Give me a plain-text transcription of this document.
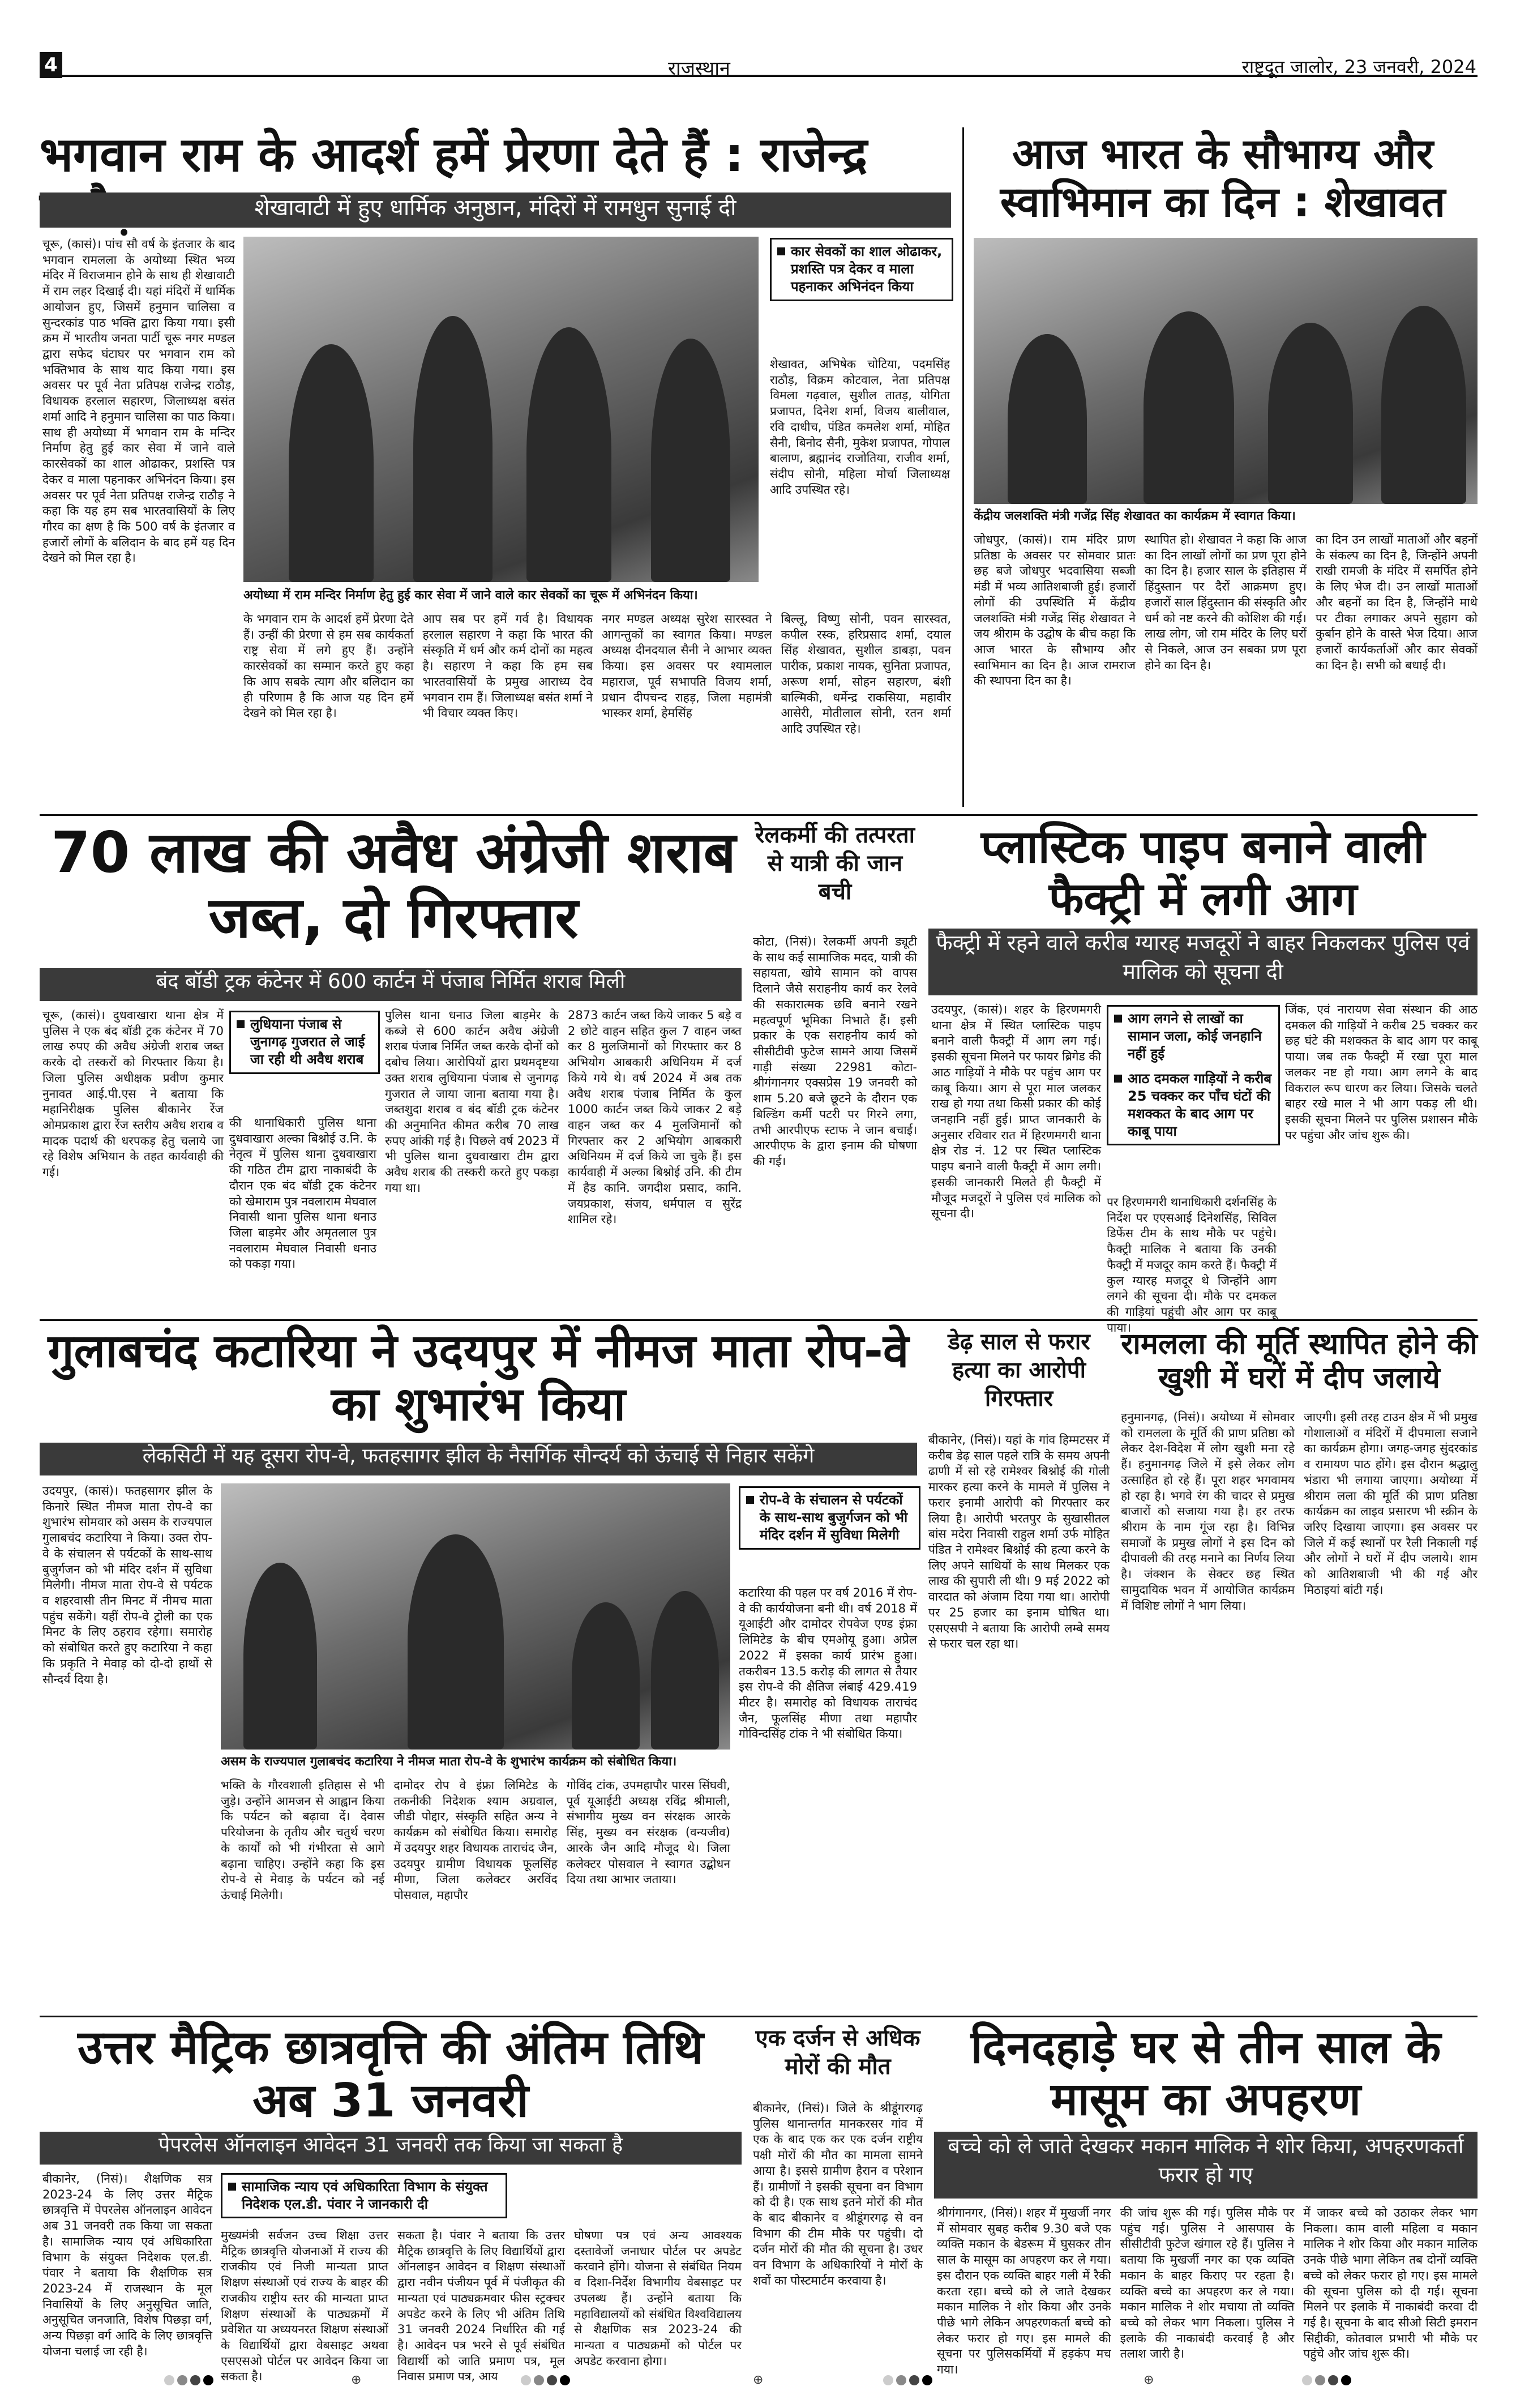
4	राजस्थान	राष्ट्रदूत जालोर, 23 जनवरी, 2024
भगवान राम के आदर्श हमें प्रेरणा देते हैं : राजेन्द्र
शेखावाटी में हुए धार्मिक अनुष्ठान, मंदिरों में रामधुन सुनाई दी

चूरू, (कासं)। पांच सौ वर्ष के इंतजार के बाद भगवान रामलला के अयोध्या स्थित भव्य मंदिर में विराजमान होने के साथ ही शेखावाटी में राम लहर दिखाई दी। यहां मंदिरों में धार्मिक आयोजन हुए, जिसमें हनुमान चालिसा व सुन्दरकांड पाठ भक्ति द्वारा किया गया। इसी क्रम में भारतीय जनता पार्टी चूरू नगर मण्डल द्वारा सफेद घंटाघर पर भगवान राम को भक्तिभाव के साथ याद किया गया। इस अवसर पर पूर्व नेता प्रतिपक्ष राजेन्द्र राठौड़, विधायक हरलाल सहारण, जिलाध्यक्ष बसंत शर्मा आदि ने हनुमान चालिसा का पाठ किया। साथ ही अयोध्या में भगवान राम के मन्दिर निर्माण हेतु हुई कार सेवा में जाने वाले कारसेवकों का शाल ओढाकर, प्रशस्ति पत्र देकर व माला पहनाकर अभिनंदन किया। इस अवसर पर पूर्व नेता प्रतिपक्ष राजेन्द्र राठौड़ ने कहा कि यह हम सब भारतवासियों के लिए गौरव का क्षण है कि 500 वर्ष के इंतजार व हजारों लोगों के बलिदान के बाद हमें यह दिन देखने को मिल रहा है।

कार सेवकों का शाल ओढाकर, प्रशस्ति पत्र देकर व माला पहनाकर अभिनंदन किया

शेखावत, अभिषेक चोटिया, पदमसिंह राठौड़, विक्रम कोटवाल, नेता प्रतिपक्ष विमला गढ़वाल, सुशील तातड़, योगिता प्रजापत, दिनेश शर्मा, विजय बालीवाल, रवि दाधीच, पंडित कमलेश शर्मा, मोहित सैनी, बिनोद सैनी, मुकेश प्रजापत, गोपाल बालाण, ब्रह्मानंद राजोतिया, राजीव शर्मा, संदीप सोनी, महिला मोर्चा जिलाध्यक्ष आदि उपस्थित रहे।

अयोध्या में राम मन्दिर निर्माण हेतु हुई कार सेवा में जाने वाले कार सेवकों का चूरू में अभिनंदन किया।

के भगवान राम के आदर्श हमें प्रेरणा देते हैं। उन्हीं की प्रेरणा से हम सब कार्यकर्ता राष्ट्र सेवा में लगे हुए हैं। उन्होंने कारसेवकों का सम्मान करते हुए कहा कि आप सबके त्याग और बलिदान का ही परिणाम है कि आज यह दिन हमें देखने को मिल रहा है।

आप सब पर हमें गर्व है। विधायक हरलाल सहारण ने कहा कि भारत की संस्कृति में धर्म और कर्म दोनों का महत्व है। सहारण ने कहा कि हम सब भारतवासियों के प्रमुख आराध्य देव भगवान राम हैं। जिलाध्यक्ष बसंत शर्मा ने भी विचार व्यक्त किए।

नगर मण्डल अध्यक्ष सुरेश सारस्वत ने आगन्तुकों का स्वागत किया। मण्डल अध्यक्ष दीनदयाल सैनी ने आभार व्यक्त किया। इस अवसर पर श्यामलाल महाराज, पूर्व सभापति विजय शर्मा, प्रधान दीपचन्द राहड़, जिला महामंत्री भास्कर शर्मा, हेमसिंह

बिल्लू, विष्णु सोनी, पवन सारस्वत, कपील रस्क, हरिप्रसाद शर्मा, दयाल सिंह शेखावत, सुशील डाबड़ा, पवन पारीक, प्रकाश नायक, सुनिता प्रजापत, अरूण शर्मा, सोहन सहारण, बंशी बाल्मिकी, धर्मेन्द्र राकसिया, महावीर आसेरी, मोतीलाल सोनी, रतन शर्मा आदि उपस्थित रहे।

आज भारत के सौभाग्य और स्वाभिमान का दिन : शेखावत
केंद्रीय जलशक्ति मंत्री गजेंद्र सिंह शेखावत का कार्यक्रम में स्वागत किया।

जोधपुर, (कासं)। राम मंदिर प्राण प्रतिष्ठा के अवसर पर सोमवार प्रातः छह बजे जोधपुर भदवासिया सब्जी मंडी में भव्य आतिशबाजी हुई। हजारों लोगों की उपस्थिति में केंद्रीय जलशक्ति मंत्री गजेंद्र सिंह शेखावत ने जय श्रीराम के उद्घोष के बीच कहा कि आज भारत के सौभाग्य और स्वाभिमान का दिन है। आज रामराज की स्थापना दिन का है।

स्थापित हो। शेखावत ने कहा कि आज का दिन लाखों लोगों का प्रण पूरा होने का दिन है। हजार साल के इतिहास में हिंदुस्तान पर दैरों आक्रमण हुए। हजारों साल हिंदुस्तान की संस्कृति और धर्म को नष्ट करने की कोशिश की गई। लाख लोग, जो राम मंदिर के लिए घरों से निकले, आज उन सबका प्रण पूरा होने का दिन है।

का दिन उन लाखों माताओं और बहनों के संकल्प का दिन है, जिन्होंने अपनी राखी रामजी के मंदिर में समर्पित होने के लिए भेज दी। उन लाखों माताओं और बहनों का दिन है, जिन्होंने माथे पर टीका लगाकर अपने सुहाग को कुर्बान होने के वास्ते भेज दिया। आज हजारों कार्यकर्ताओं और कार सेवकों का दिन है। सभी को बधाई दी।

70 लाख की अवैध अंग्रेजी शराब जब्त, दो गिरफ्तार
बंद बॉडी ट्रक कंटेनर में 600 कार्टन में पंजाब निर्मित शराब मिली

चूरू, (कासं)। दुधवाखारा थाना क्षेत्र में पुलिस ने एक बंद बॉडी ट्रक कंटेनर में 70 लाख रुपए की अवैध अंग्रेजी शराब जब्त करके दो तस्करों को गिरफ्तार किया है। जिला पुलिस अधीक्षक प्रवीण कुमार नुनावत आई.पी.एस ने बताया कि महानिरीक्षक पुलिस बीकानेर रेंज ओमप्रकाश द्वारा रेंज स्तरीय अवैध शराब व मादक पदार्थ की धरपकड़ हेतु चलाये जा रहे विशेष अभियान के तहत कार्यवाही की गई।

लुधियाना पंजाब से जुनागढ़ गुजरात ले जाई जा रही थी अवैध शराब

की थानाधिकारी पुलिस थाना दुधवाखारा अल्का बिश्नोई उ.नि. के नेतृत्व में पुलिस थाना दुधवाखारा की गठित टीम द्वारा नाकाबंदी के दौरान एक बंद बॉडी ट्रक कंटेनर को खेमाराम पुत्र नवलाराम मेघवाल निवासी थाना पुलिस थाना धनाउ जिला बाड़मेर और अमृतलाल पुत्र नवलाराम मेघवाल निवासी धनाउ को पकड़ा गया।

पुलिस थाना धनाउ जिला बाड़मेर के कब्जे से 600 कार्टन अवैध अंग्रेजी शराब पंजाब निर्मित जब्त करके दोनों को दबोच लिया। आरोपियों द्वारा प्रथमदृष्टया उक्त शराब लुधियाना पंजाब से जुनागढ़ गुजरात ले जाया जाना बताया गया है। जब्तशुदा शराब व बंद बॉडी ट्रक कंटेनर की अनुमानित कीमत करीब 70 लाख रुपए आंकी गई है। पिछले वर्ष 2023 में भी पुलिस थाना दुधवाखारा टीम द्वारा अवैध शराब की तस्करी करते हुए पकड़ा गया था।

2873 कार्टन जब्त किये जाकर 5 बड़े व 2 छोटे वाहन सहित कुल 7 वाहन जब्त कर 8 मुलजिमानों को गिरफ्तार कर 8 अभियोग आबकारी अधिनियम में दर्ज किये गये थे। वर्ष 2024 में अब तक अवैध शराब पंजाब निर्मित के कुल 1000 कार्टन जब्त किये जाकर 2 बड़े वाहन जब्त कर 4 मुलजिमानों को गिरफ्तार कर 2 अभियोग आबकारी अधिनियम में दर्ज किये जा चुके हैं। इस कार्यवाही में अल्का बिश्नोई उनि. की टीम में हैड कानि. जगदीश प्रसाद, कानि. जयप्रकाश, संजय, धर्मपाल व सुरेंद्र शामिल रहे।

रेलकर्मी की तत्परता से यात्री की जान बची

कोटा, (निसं)। रेलकर्मी अपनी ड्यूटी के साथ कई सामाजिक मदद, यात्री की सहायता, खोये सामान को वापस दिलाने जैसे सराहनीय कार्य कर रेलवे की सकारात्मक छवि बनाने रखने महत्वपूर्ण भूमिका निभाते हैं। इसी प्रकार के एक सराहनीय कार्य को सीसीटीवी फुटेज सामने आया जिसमें गाड़ी संख्या 22981 कोटा-श्रीगंगानगर एक्सप्रेस 19 जनवरी को शाम 5.20 बजे छूटने के दौरान एक बिल्डिंग कर्मी पटरी पर गिरने लगा, तभी आरपीएफ स्टाफ ने जान बचाई। आरपीएफ के द्वारा इनाम की घोषणा की गई।

प्लास्टिक पाइप बनाने वाली फैक्ट्री में लगी आग
फैक्ट्री में रहने वाले करीब ग्यारह मजदूरों ने बाहर निकलकर पुलिस एवं मालिक को सूचना दी

उदयपुर, (कासं)। शहर के हिरणमगरी थाना क्षेत्र में स्थित प्लास्टिक पाइप बनाने वाली फैक्ट्री में आग लग गई। इसकी सूचना मिलने पर फायर ब्रिगेड की आठ गाड़ियों ने मौके पर पहुंच आग पर काबू किया। आग से पूरा माल जलकर राख हो गया तथा किसी प्रकार की कोई जनहानि नहीं हुई। प्राप्त जानकारी के अनुसार रविवार रात में हिरणमगरी थाना क्षेत्र रोड नं. 12 पर स्थित प्लास्टिक पाइप बनाने वाली फैक्ट्री में आग लगी। इसकी जानकारी मिलते ही फैक्ट्री में मौजूद मजदूरों ने पुलिस एवं मालिक को सूचना दी।

आग लगने से लाखों का सामान जला, कोई जनहानि नहीं हुई
आठ दमकल गाड़ियों ने करीब 25 चक्कर कर पाँच घंटों की मशक्कत के बाद आग पर काबू पाया

पर हिरणमगरी थानाधिकारी दर्शनसिंह के निर्देश पर एएसआई दिनेशसिंह, सिविल डिफेंस टीम के साथ मौके पर पहुंचे। फैक्ट्री मालिक ने बताया कि उनकी फैक्ट्री में मजदूर काम करते हैं। फैक्ट्री में कुल ग्यारह मजदूर थे जिन्होंने आग लगने की सूचना दी। मौके पर दमकल की गाड़ियां पहुंची और आग पर काबू पाया।

जिंक, एवं नारायण सेवा संस्थान की आठ दमकल की गाड़ियों ने करीब 25 चक्कर कर छह घंटे की मशक्कत के बाद आग पर काबू पाया। जब तक फैक्ट्री में रखा पूरा माल जलकर नष्ट हो गया। आग लगने के बाद विकराल रूप धारण कर लिया। जिसके चलते बाहर रखे माल ने भी आग पकड़ ली थी। इसकी सूचना मिलने पर पुलिस प्रशासन मौके पर पहुंचा और जांच शुरू की।

गुलाबचंद कटारिया ने उदयपुर में नीमज माता रोप-वे का शुभारंभ किया
लेकसिटी में यह दूसरा रोप-वे, फतहसागर झील के नैसर्गिक सौन्दर्य को ऊंचाई से निहार सकेंगे

उदयपुर, (कासं)। फतहसागर झील के किनारे स्थित नीमज माता रोप-वे का शुभारंभ सोमवार को असम के राज्यपाल गुलाबचंद कटारिया ने किया। उक्त रोप-वे के संचालन से पर्यटकों के साथ-साथ बुजुर्गजन को भी मंदिर दर्शन में सुविधा मिलेगी। नीमज माता रोप-वे से पर्यटक व शहरवासी तीन मिनट में नीमच माता पहुंच सकेंगे। यहीं रोप-वे ट्रोली का एक मिनट के लिए ठहराव रहेगा। समारोह को संबोधित करते हुए कटारिया ने कहा कि प्रकृति ने मेवाड़ को दो-दो हाथों से सौन्दर्य दिया है।

रोप-वे के संचालन से पर्यटकों के साथ-साथ बुजुर्गजन को भी मंदिर दर्शन में सुविधा मिलेगी

कटारिया की पहल पर वर्ष 2016 में रोप-वे की कार्ययोजना बनी थी। वर्ष 2018 में यूआईटी और दामोदर रोपवेज एण्ड इंफ्रा लिमिटेड के बीच एमओयू हुआ। अप्रेल 2022 में इसका कार्य प्रारंभ हुआ। तकरीबन 13.5 करोड़ की लागत से तैयार इस रोप-वे की क्षैतिज लंबाई 429.419 मीटर है। समारोह को विधायक ताराचंद जैन, फूलसिंह मीणा तथा महापौर गोविन्दसिंह टांक ने भी संबोधित किया।

असम के राज्यपाल गुलाबचंद कटारिया ने नीमज माता रोप-वे के शुभारंभ कार्यक्रम को संबोधित किया।

भक्ति के गौरवशाली इतिहास से भी जुड़े। उन्होंने आमजन से आह्वान किया कि पर्यटन को बढ़ावा दें। देवास परियोजना के तृतीय और चतुर्थ चरण के कार्यों को भी गंभीरता से आगे बढ़ाना चाहिए। उन्होंने कहा कि इस रोप-वे से मेवाड़ के पर्यटन को नई ऊंचाई मिलेगी।

दामोदर रोप वे इंफ्रा लिमिटेड के तकनीकी निदेशक श्याम अग्रवाल, जीडी पोद्दार, संस्कृति सहित अन्य ने कार्यक्रम को संबोधित किया। समारोह में उदयपुर शहर विधायक ताराचंद जैन, उदयपुर ग्रामीण विधायक फूलसिंह मीणा, जिला कलेक्टर अरविंद पोसवाल, महापौर

गोविंद टांक, उपमहापौर पारस सिंघवी, पूर्व यूआईटी अध्यक्ष रविंद्र श्रीमाली, संभागीय मुख्य वन संरक्षक आरके सिंह, मुख्य वन संरक्षक (वन्यजीव) आरके जैन आदि मौजूद थे। जिला कलेक्टर पोसवाल ने स्वागत उद्बोधन दिया तथा आभार जताया।

डेढ़ साल से फरार हत्या का आरोपी गिरफ्तार

बीकानेर, (निसं)। यहां के गांव हिम्मटसर में करीब डेढ़ साल पहले रात्रि के समय अपनी ढाणी में सो रहे रामेश्वर बिश्नोई की गोली मारकर हत्या करने के मामले में पुलिस ने फरार इनामी आरोपी को गिरफ्तार कर लिया है। आरोपी भरतपुर के सुखासीतल बांस मदेरा निवासी राहुल शर्मा उर्फ मोहित पंडित ने रामेश्वर बिश्नोई की हत्या करने के लिए अपने साथियों के साथ मिलकर एक लाख की सुपारी ली थी। 9 मई 2022 को वारदात को अंजाम दिया गया था। आरोपी पर 25 हजार का इनाम घोषित था। एसएसपी ने बताया कि आरोपी लम्बे समय से फरार चल रहा था।

रामलला की मूर्ति स्थापित होने की खुशी में घरों में दीप जलाये

हनुमानगढ़, (निसं)। अयोध्या में सोमवार को रामलला के मूर्ति की प्राण प्रतिष्ठा को लेकर देश-विदेश में लोग खुशी मना रहे हैं। हनुमानगढ़ जिले में इसे लेकर लोग उत्साहित हो रहे हैं। पूरा शहर भगवामय हो रहा है। भगवे रंग की चादर से प्रमुख बाजारों को सजाया गया है। हर तरफ श्रीराम के नाम गूंज रहा है। विभिन्न समाजों के प्रमुख लोगों ने इस दिन को दीपावली की तरह मनाने का निर्णय लिया है। जंक्शन के सेक्टर छह स्थित सामुदायिक भवन में आयोजित कार्यक्रम में विशिष्ट लोगों ने भाग लिया।

जाएगी। इसी तरह टाउन क्षेत्र में भी प्रमुख गोशालाओं व मंदिरों में दीपमाला सजाने का कार्यक्रम होगा। जगह-जगह सुंदरकांड व रामायण पाठ होंगे। इस दौरान श्रद्धालु भंडारा भी लगाया जाएगा। अयोध्या में श्रीराम लला की मूर्ति की प्राण प्रतिष्ठा कार्यक्रम का लाइव प्रसारण भी स्क्रीन के जरिए दिखाया जाएगा। इस अवसर पर जिले में कई स्थानों पर रैली निकाली गई और लोगों ने घरों में दीप जलाये। शाम को आतिशबाजी भी की गई और मिठाइयां बांटी गई।

उत्तर मैट्रिक छात्रवृत्ति की अंतिम तिथि अब 31 जनवरी
पेपरलेस ऑनलाइन आवेदन 31 जनवरी तक किया जा सकता है

बीकानेर, (निसं)। शैक्षणिक सत्र 2023-24 के लिए उत्तर मैट्रिक छात्रवृत्ति में पेपरलेस ऑनलाइन आवेदन अब 31 जनवरी तक किया जा सकता है। सामाजिक न्याय एवं अधिकारिता विभाग के संयुक्त निदेशक एल.डी. पंवार ने बताया कि शैक्षणिक सत्र 2023-24 में राजस्थान के मूल निवासियों के लिए अनुसूचित जाति, अनुसूचित जनजाति, विशेष पिछड़ा वर्ग, अन्य पिछड़ा वर्ग आदि के लिए छात्रवृत्ति योजना चलाई जा रही है।

सामाजिक न्याय एवं अधिकारिता विभाग के संयुक्त निदेशक एल.डी. पंवार ने जानकारी दी

मुख्यमंत्री सर्वजन उच्च शिक्षा उत्तर मैट्रिक छात्रवृत्ति योजनाओं में राज्य की राजकीय एवं निजी मान्यता प्राप्त शिक्षण संस्थाओं एवं राज्य के बाहर की राजकीय राष्ट्रीय स्तर की मान्यता प्राप्त शिक्षण संस्थाओं के पाठ्यक्रमों में प्रवेशित या अध्ययनरत शिक्षण संस्थाओं के विद्यार्थियों द्वारा वेबसाइट अथवा एसएसओ पोर्टल पर आवेदन किया जा सकता है।

सकता है। पंवार ने बताया कि उत्तर मैट्रिक छात्रवृत्ति के लिए विद्यार्थियों द्वारा ऑनलाइन आवेदन व शिक्षण संस्थाओं द्वारा नवीन पंजीयन पूर्व में पंजीकृत की मान्यता एवं पाठ्यक्रमवार फीस स्ट्रक्चर अपडेट करने के लिए भी अंतिम तिथि 31 जनवरी 2024 निर्धारित की गई है। आवेदन पत्र भरने से पूर्व संबंधित विद्यार्थी को जाति प्रमाण पत्र, मूल निवास प्रमाण पत्र, आय

घोषणा पत्र एवं अन्य आवश्यक दस्तावेजों जनाधार पोर्टल पर अपडेट करवाने होंगे। योजना से संबंधित नियम व दिशा-निर्देश विभागीय वेबसाइट पर उपलब्ध हैं। उन्होंने बताया कि महाविद्यालयों को संबंधित विश्वविद्यालय से शैक्षणिक सत्र 2023-24 की मान्यता व पाठ्यक्रमों को पोर्टल पर अपडेट करवाना होगा।

एक दर्जन से अधिक मोरों की मौत

बीकानेर, (निसं)। जिले के श्रीडूंगरगढ़ पुलिस थानान्तर्गत मानकरसर गांव में एक के बाद एक कर एक दर्जन राष्ट्रीय पक्षी मोरों की मौत का मामला सामने आया है। इससे ग्रामीण हैरान व परेशान हैं। ग्रामीणों ने इसकी सूचना वन विभाग को दी है। एक साथ इतने मोरों की मौत के बाद बीकानेर व श्रीडूंगरगढ़ से वन विभाग की टीम मौके पर पहुंची। दो दर्जन मोरों की मौत की सूचना है। उधर वन विभाग के अधिकारियों ने मोरों के शवों का पोस्टमार्टम करवाया है।

दिनदहाड़े घर से तीन साल के मासूम का अपहरण
बच्चे को ले जाते देखकर मकान मालिक ने शोर किया, अपहरणकर्ता फरार हो गए

श्रीगंगानगर, (निसं)। शहर में मुखर्जी नगर में सोमवार सुबह करीब 9.30 बजे एक व्यक्ति मकान के बेडरूम में घुसकर तीन साल के मासूम का अपहरण कर ले गया। इस दौरान एक व्यक्ति बाहर गली में रैकी करता रहा। बच्चे को ले जाते देखकर मकान मालिक ने शोर किया और उनके पीछे भागे लेकिन अपहरणकर्ता बच्चे को लेकर फरार हो गए। इस मामले की सूचना पर पुलिसकर्मियों में हड़कंप मच गया।

की जांच शुरू की गई। पुलिस मौके पर पहुंच गई। पुलिस ने आसपास के सीसीटीवी फुटेज खंगाल रहे हैं। पुलिस ने बताया कि मुखर्जी नगर का एक व्यक्ति मकान के बाहर किराए पर रहता है। व्यक्ति बच्चे का अपहरण कर ले गया। मकान मालिक ने शोर मचाया तो व्यक्ति बच्चे को लेकर भाग निकला। पुलिस ने इलाके की नाकाबंदी करवाई है और तलाश जारी है।

में जाकर बच्चे को उठाकर लेकर भाग निकला। काम वाली महिला व मकान मालिक ने शोर किया और मकान मालिक उनके पीछे भागा लेकिन तब दोनों व्यक्ति बच्चे को लेकर फरार हो गए। इस मामले की सूचना पुलिस को दी गई। सूचना मिलने पर इलाके में नाकाबंदी करवा दी गई है। सूचना के बाद सीओ सिटी इमरान सिद्दीकी, कोतवाल प्रभारी भी मौके पर पहुंचे और जांच शुरू की।

⊕
	⊕
	⊕
